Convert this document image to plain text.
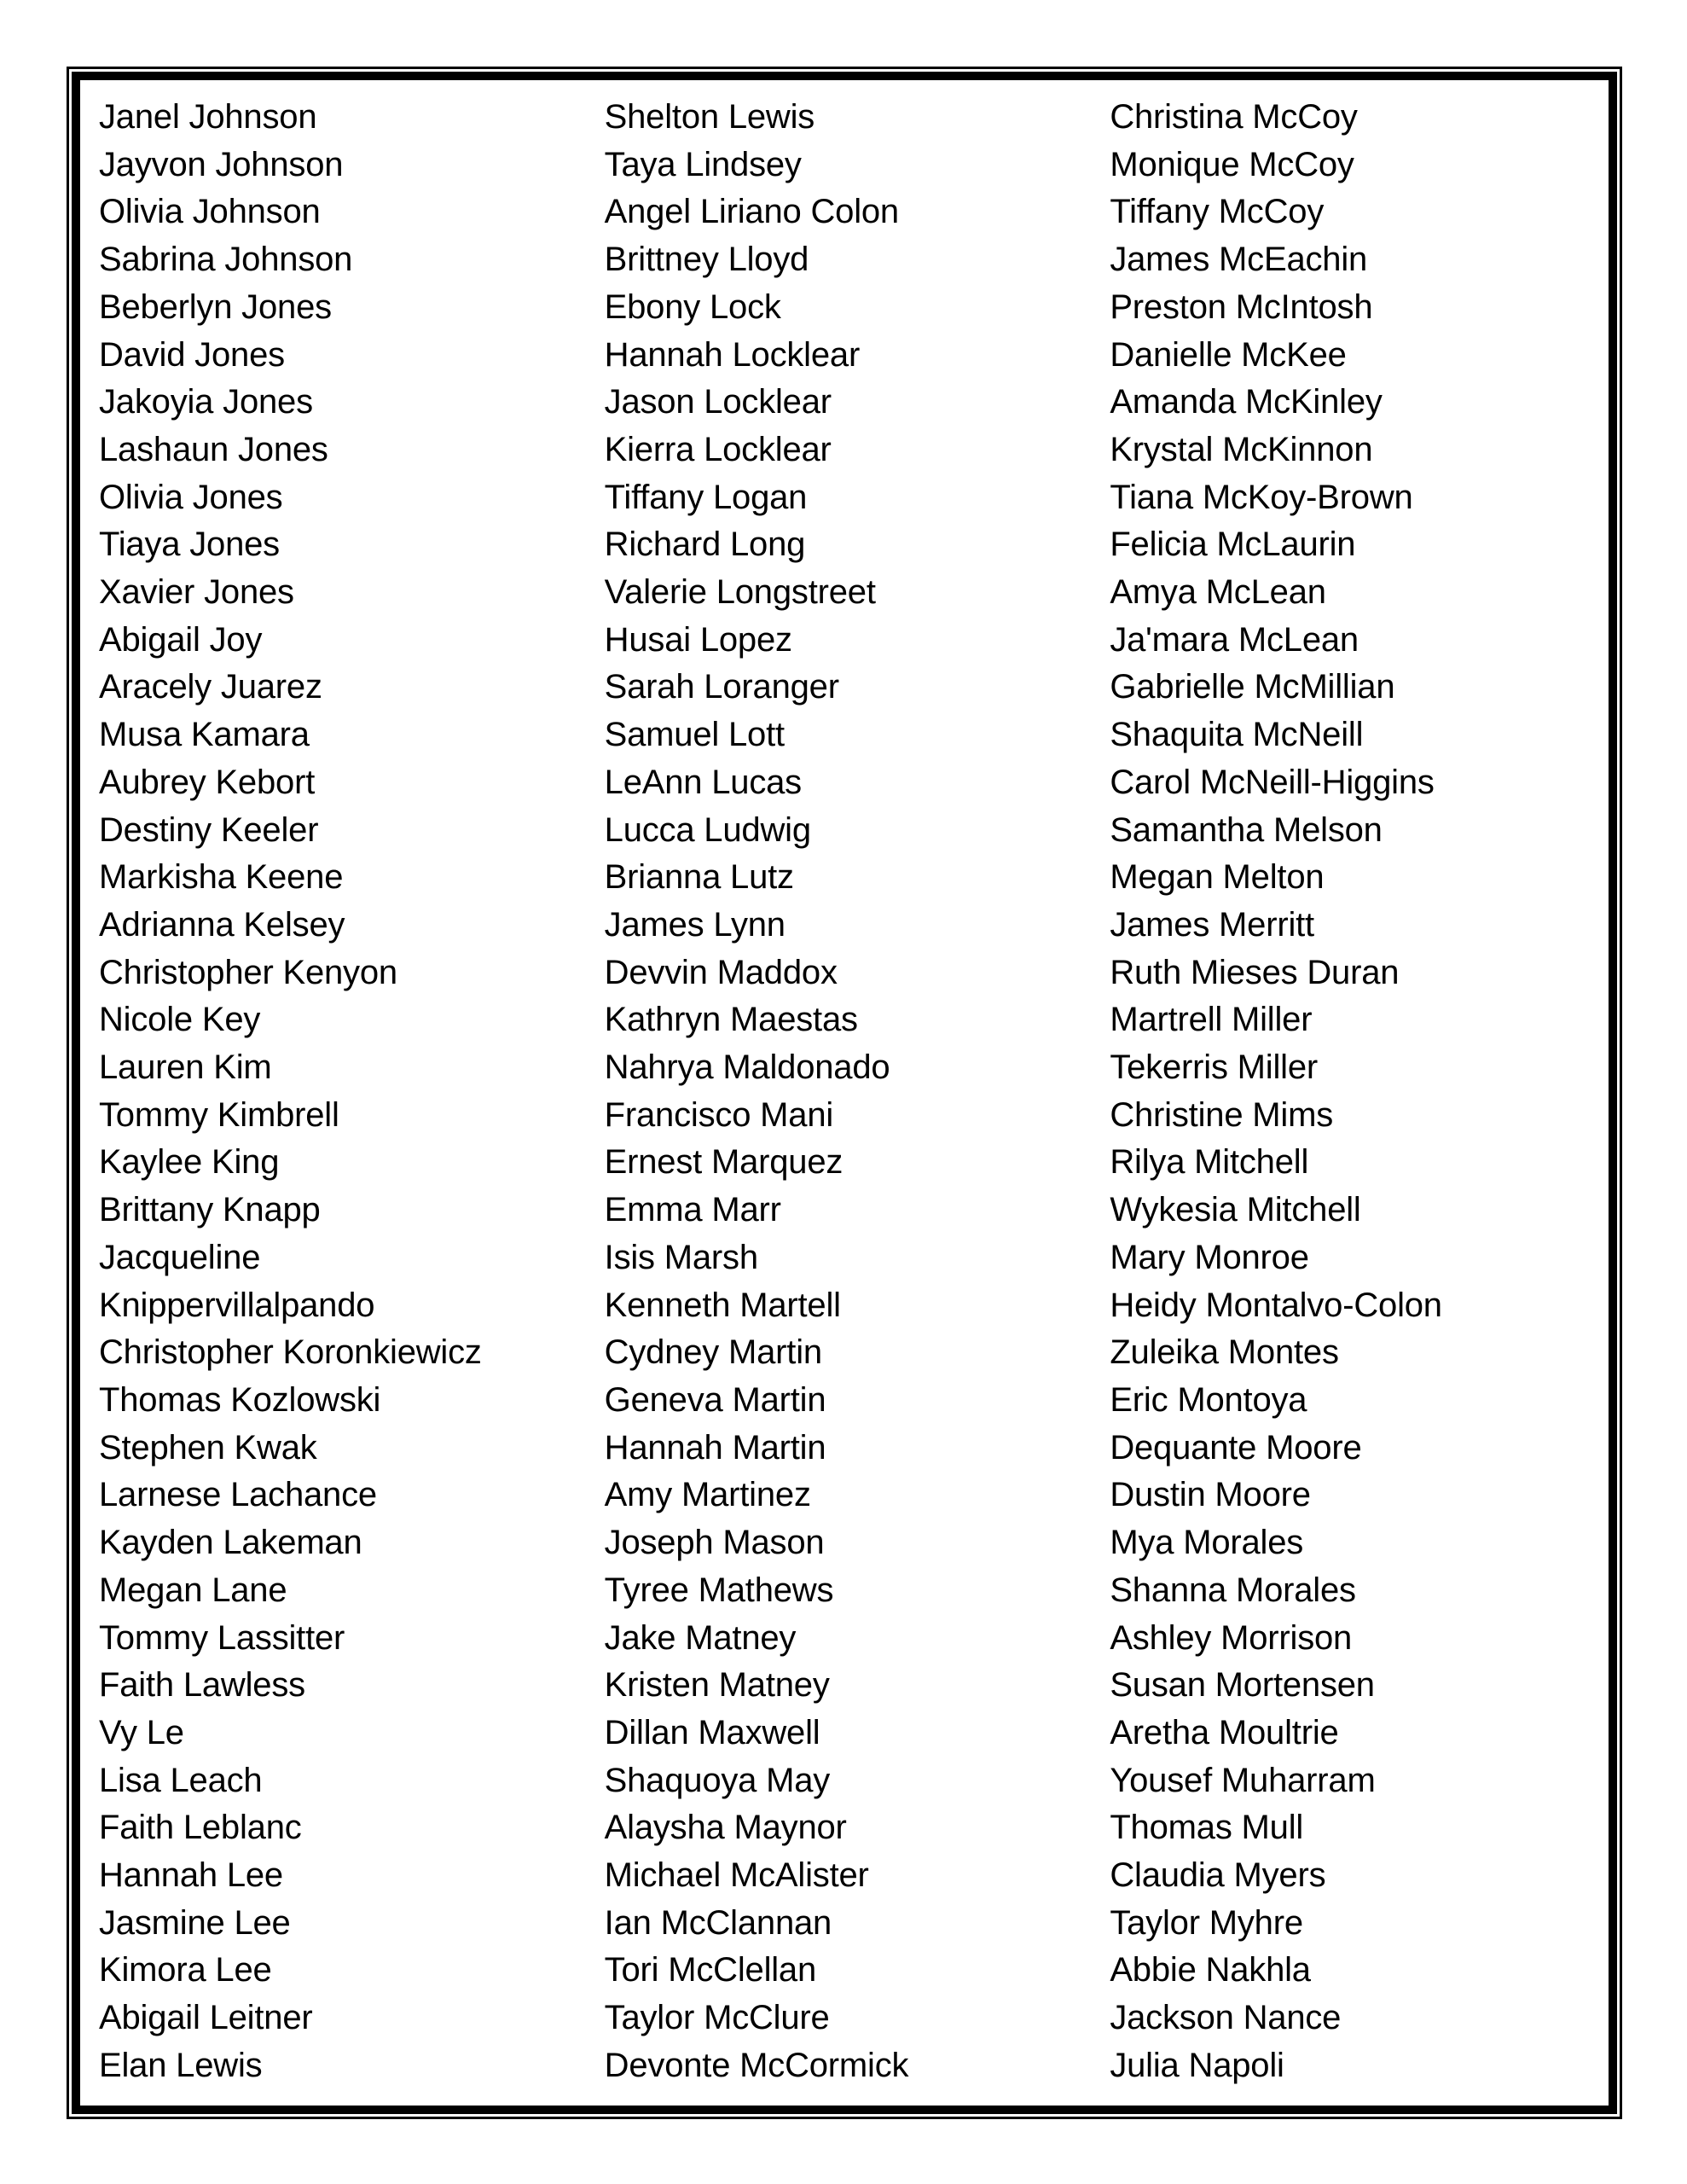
Janel Johnson
Jayvon Johnson
Olivia Johnson
Sabrina Johnson
Beberlyn Jones
David Jones
Jakoyia Jones
Lashaun Jones
Olivia Jones
Tiaya Jones
Xavier Jones
Abigail Joy
Aracely Juarez
Musa Kamara
Aubrey Kebort
Destiny Keeler
Markisha Keene
Adrianna Kelsey
Christopher Kenyon
Nicole Key
Lauren Kim
Tommy Kimbrell
Kaylee King
Brittany Knapp
Jacqueline
Knippervillalpando
Christopher Koronkiewicz
Thomas Kozlowski
Stephen Kwak
Larnese Lachance
Kayden Lakeman
Megan Lane
Tommy Lassitter
Faith Lawless
Vy Le
Lisa Leach
Faith Leblanc
Hannah Lee
Jasmine Lee
Kimora Lee
Abigail Leitner
Elan Lewis
Shelton Lewis
Taya Lindsey
Angel Liriano Colon
Brittney Lloyd
Ebony Lock
Hannah Locklear
Jason Locklear
Kierra Locklear
Tiffany Logan
Richard Long
Valerie Longstreet
Husai Lopez
Sarah Loranger
Samuel Lott
LeAnn Lucas
Lucca Ludwig
Brianna Lutz
James Lynn
Devvin Maddox
Kathryn Maestas
Nahrya Maldonado
Francisco Mani
Ernest Marquez
Emma Marr
Isis Marsh
Kenneth Martell
Cydney Martin
Geneva Martin
Hannah Martin
Amy Martinez
Joseph Mason
Tyree Mathews
Jake Matney
Kristen Matney
Dillan Maxwell
Shaquoya May
Alaysha Maynor
Michael McAlister
Ian McClannan
Tori McClellan
Taylor McClure
Devonte McCormick
Christina McCoy
Monique McCoy
Tiffany McCoy
James McEachin
Preston McIntosh
Danielle McKee
Amanda McKinley
Krystal McKinnon
Tiana McKoy-Brown
Felicia McLaurin
Amya McLean
Ja'mara McLean
Gabrielle McMillian
Shaquita McNeill
Carol McNeill-Higgins
Samantha Melson
Megan Melton
James Merritt
Ruth Mieses Duran
Martrell Miller
Tekerris Miller
Christine Mims
Rilya Mitchell
Wykesia Mitchell
Mary Monroe
Heidy Montalvo-Colon
Zuleika Montes
Eric Montoya
Dequante Moore
Dustin Moore
Mya Morales
Shanna Morales
Ashley Morrison
Susan Mortensen
Aretha Moultrie
Yousef Muharram
Thomas Mull
Claudia Myers
Taylor Myhre
Abbie Nakhla
Jackson Nance
Julia Napoli
